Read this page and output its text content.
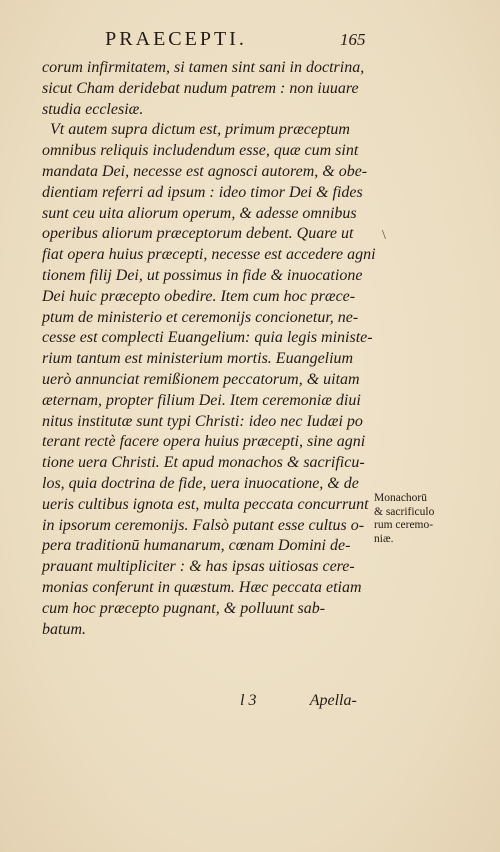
PRAECEPTI.	165
corum infirmitatem, si tamen sint sani in doctrina,
sicut Cham deridebat nudum patrem : non iuuare
studia ecclesiæ.
Vt autem supra dictum est, primum præceptum
omnibus reliquis includendum esse, quæ cum sint
mandata Dei, necesse est agnosci autorem, & obe-
dientiam referri ad ipsum : ideo timor Dei & fides
sunt ceu uita aliorum operum, & adesse omnibus
operibus aliorum præceptorum debent. Quare ut
fiat opera huius præcepti, necesse est accedere agni
tionem filij Dei, ut possimus in fide & inuocatione
Dei huic præcepto obedire. Item cum hoc præce-
ptum de ministerio et ceremonijs concionetur, ne-
cesse est complecti Euangelium: quia legis ministe-
rium tantum est ministerium mortis. Euangelium
uerò annunciat remißionem peccatorum, & uitam
æternam, propter filium Dei. Item ceremoniæ diui
nitus institutæ sunt typi Christi: ideo nec Iudæi po
terant rectè facere opera huius præcepti, sine agni
tione uera Christi. Et apud monachos & sacrificu-
los, quia doctrina de fide, uera inuocatione, & de
ueris cultibus ignota est, multa peccata concurrunt
in ipsorum ceremonijs. Falsò putant esse cultus o-
pera traditionū humanarum, cœnam Domini de-
prauant multipliciter : & has ipsas uitiosas cere-
monias conferunt in quæstum. Hæc peccata etiam
cum hoc præcepto pugnant, & polluunt sab-
batum.
\
Monachorū
& sacrificulo
rum ceremo-
niæ.
l 3	Apella-
